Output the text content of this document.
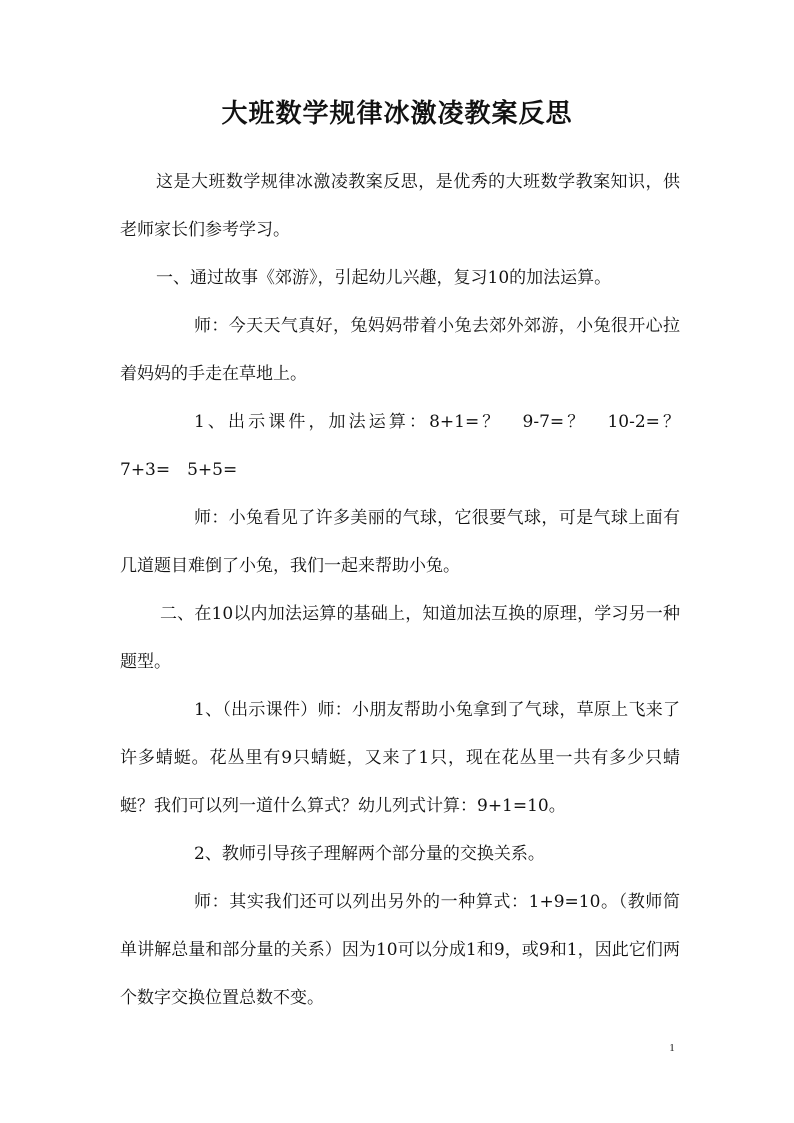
大班数学规律冰激凌教案反思

这是大班数学规律冰激凌教案反思，是优秀的大班数学教案知识，供老师家长们参考学习。

一、通过故事《郊游》，引起幼儿兴趣，复习10的加法运算。

师：今天天气真好，兔妈妈带着小兔去郊外郊游，小兔很开心拉着妈妈的手走在草地上。

1、出示课件，加法运算：8+1=？　9-7=？　10-2=？　7+3=　5+5=

师：小兔看见了许多美丽的气球，它很要气球，可是气球上面有几道题目难倒了小兔，我们一起来帮助小兔。

二、在10以内加法运算的基础上，知道加法互换的原理，学习另一种题型。

1、（出示课件）师：小朋友帮助小兔拿到了气球，草原上飞来了许多蜻蜓。花丛里有9只蜻蜓，又来了1只，现在花丛里一共有多少只蜻蜓？我们可以列一道什么算式？幼儿列式计算：9+1=10。

2、教师引导孩子理解两个部分量的交换关系。

师：其实我们还可以列出另外的一种算式：1+9=10。（教师简单讲解总量和部分量的关系）因为10可以分成1和9，或9和1，因此它们两个数字交换位置总数不变。

1
